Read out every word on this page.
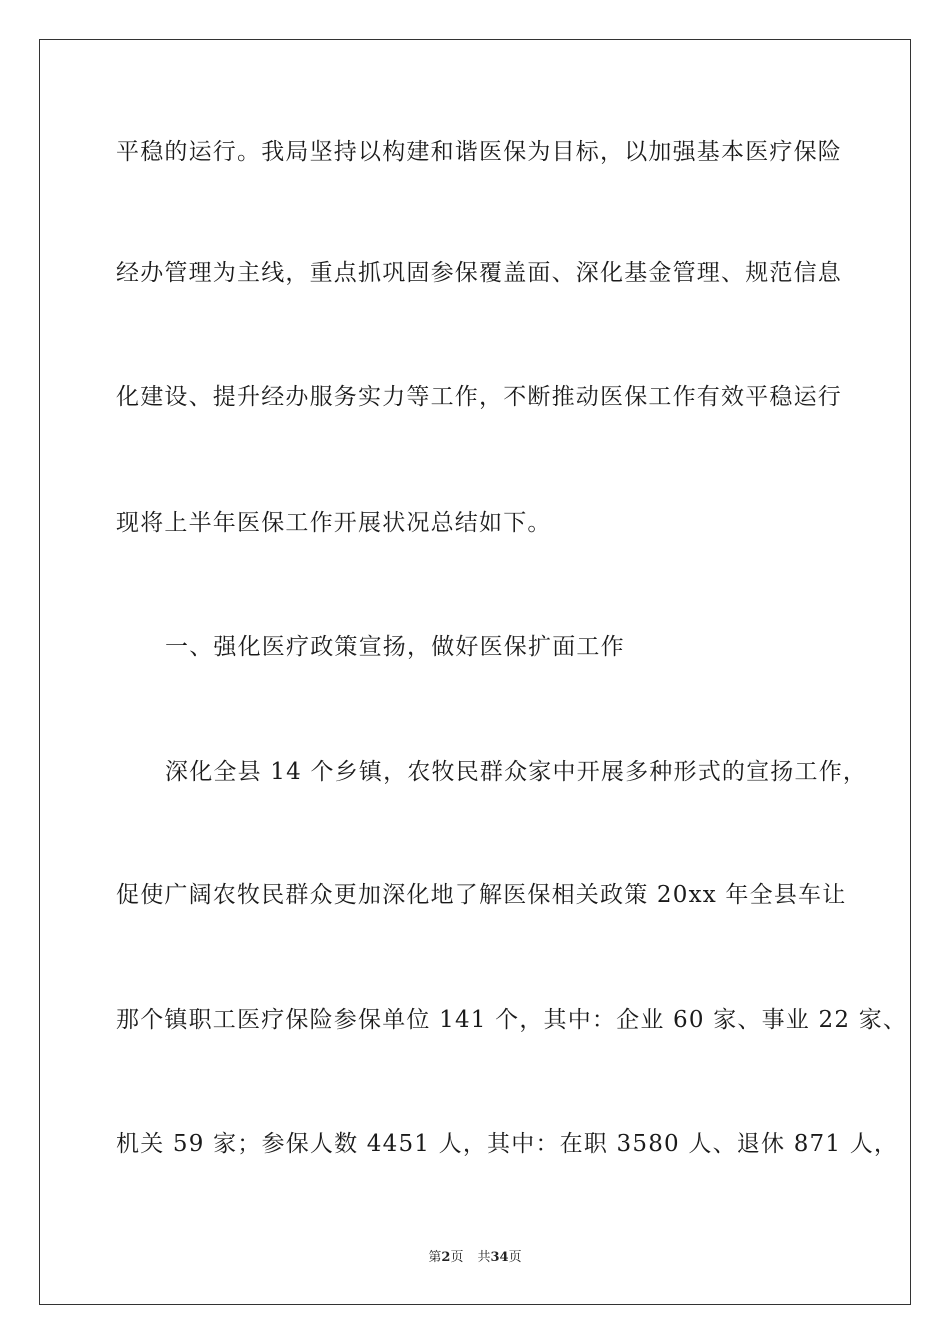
平稳的运行。我局坚持以构建和谐医保为目标，以加强基本医疗保险
经办管理为主线，重点抓巩固参保覆盖面、深化基金管理、规范信息
化建设、提升经办服务实力等工作，不断推动医保工作有效平稳运行
现将上半年医保工作开展状况总结如下。
一、强化医疗政策宣扬，做好医保扩面工作
深化全县 14 个乡镇，农牧民群众家中开展多种形式的宣扬工作，
促使广阔农牧民群众更加深化地了解医保相关政策 20xx 年全县车让
那个镇职工医疗保险参保单位 141 个，其中：企业 60 家、事业 22 家、
机关 59 家；参保人数 4451 人，其中：在职 3580 人、退休 871 人，
第2页 共34页
